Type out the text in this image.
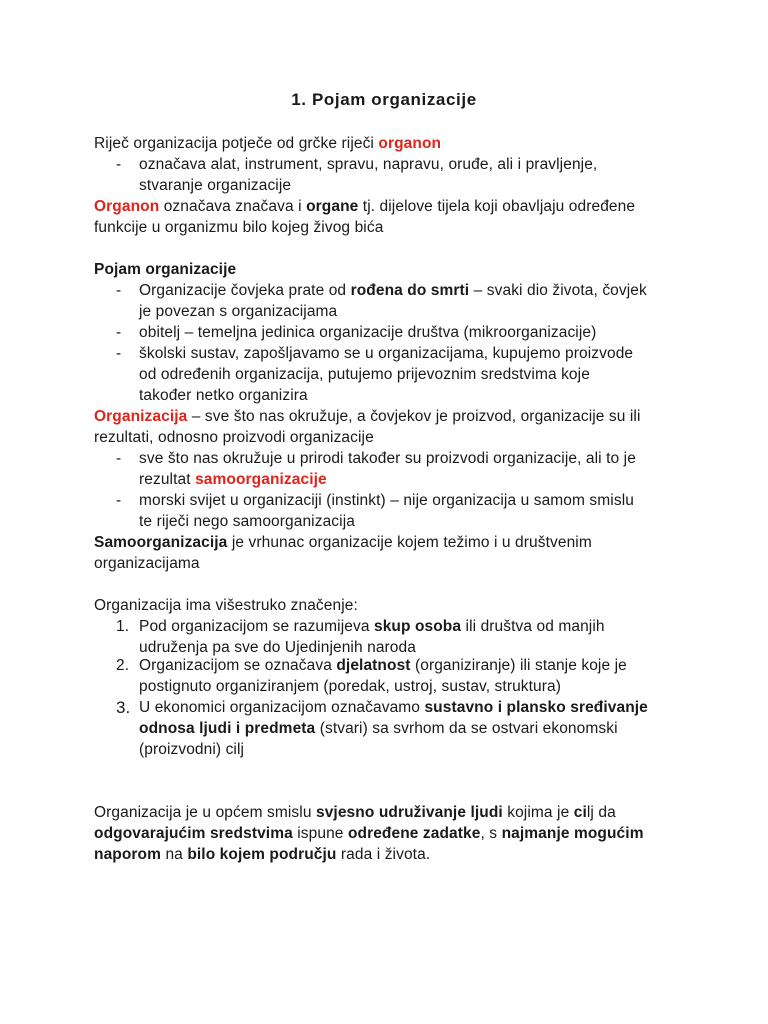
1. Pojam organizacije
Riječ organizacija potječe od grčke riječi organon
- označava alat, instrument, spravu, napravu, oruđe, ali i pravljenje,
stvaranje organizacije
Organon označava značava i organe tj. dijelove tijela koji obavljaju određene
funkcije u organizmu bilo kojeg živog bića
Pojam organizacije
- Organizacije čovjeka prate od rođena do smrti – svaki dio života, čovjek
je povezan s organizacijama
- obitelj – temeljna jedinica organizacije društva (mikroorganizacije)
- školski sustav, zapošljavamo se u organizacijama, kupujemo proizvode
od određenih organizacija, putujemo prijevoznim sredstvima koje
također netko organizira
Organizacija – sve što nas okružuje, a čovjekov je proizvod, organizacije su ili
rezultati, odnosno proizvodi organizacije
- sve što nas okružuje u prirodi također su proizvodi organizacije, ali to je
rezultat samoorganizacije
- morski svijet u organizaciji (instinkt) – nije organizacija u samom smislu
te riječi nego samoorganizacija
Samoorganizacija je vrhunac organizacije kojem težimo i u društvenim
organizacijama
Organizacija ima višestruko značenje:
1. Pod organizacijom se razumijeva skup osoba ili društva od manjih
udruženja pa sve do Ujedinjenih naroda
2. Organizacijom se označava djelatnost (organiziranje) ili stanje koje je
postignuto organiziranjem (poredak, ustroj, sustav, struktura)
3. U ekonomici organizacijom označavamo sustavno i plansko sređivanje
odnosa ljudi i predmeta (stvari) sa svrhom da se ostvari ekonomski
(proizvodni) cilj
Organizacija je u općem smislu svjesno udruživanje ljudi kojima je cilj da
odgovarajućim sredstvima ispune određene zadatke, s najmanje mogućim
naporom na bilo kojem području rada i života.
